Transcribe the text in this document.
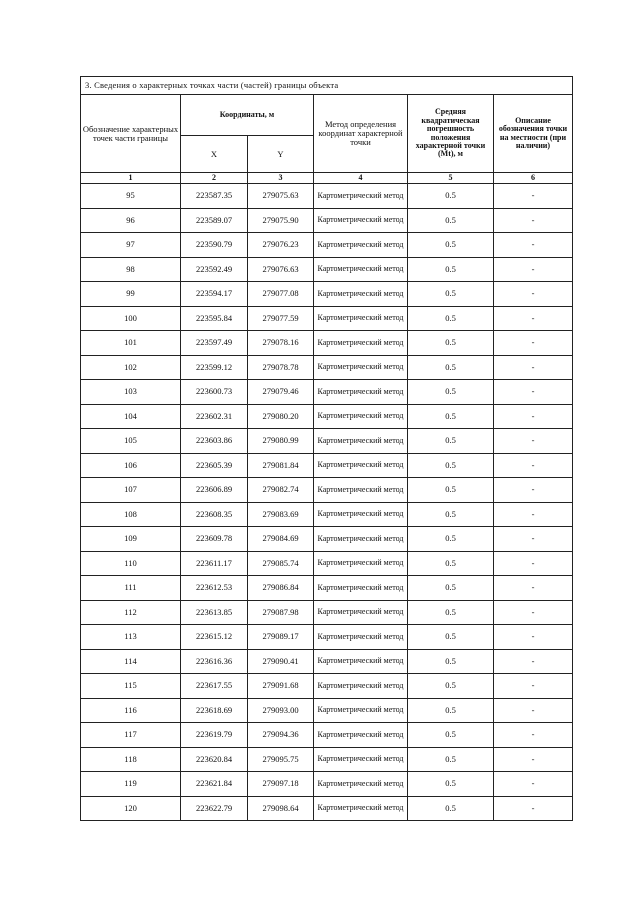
3. Сведения о характерных точках части (частей) границы объекта					
Обозначение характерных точек части границы	Координаты, м		Метод определения координат характерной точки	Средняя квадратическая погрешность положения характерной точки (Mt), м	Описание обозначения точки на местности (при наличии)
	X	Y			
1	2	3	4	5	6
95	223587.35	279075.63	Картометрический метод	0.5	-
96	223589.07	279075.90	Картометрический метод	0.5	-
97	223590.79	279076.23	Картометрический метод	0.5	-
98	223592.49	279076.63	Картометрический метод	0.5	-
99	223594.17	279077.08	Картометрический метод	0.5	-
100	223595.84	279077.59	Картометрический метод	0.5	-
101	223597.49	279078.16	Картометрический метод	0.5	-
102	223599.12	279078.78	Картометрический метод	0.5	-
103	223600.73	279079.46	Картометрический метод	0.5	-
104	223602.31	279080.20	Картометрический метод	0.5	-
105	223603.86	279080.99	Картометрический метод	0.5	-
106	223605.39	279081.84	Картометрический метод	0.5	-
107	223606.89	279082.74	Картометрический метод	0.5	-
108	223608.35	279083.69	Картометрический метод	0.5	-
109	223609.78	279084.69	Картометрический метод	0.5	-
110	223611.17	279085.74	Картометрический метод	0.5	-
111	223612.53	279086.84	Картометрический метод	0.5	-
112	223613.85	279087.98	Картометрический метод	0.5	-
113	223615.12	279089.17	Картометрический метод	0.5	-
114	223616.36	279090.41	Картометрический метод	0.5	-
115	223617.55	279091.68	Картометрический метод	0.5	-
116	223618.69	279093.00	Картометрический метод	0.5	-
117	223619.79	279094.36	Картометрический метод	0.5	-
118	223620.84	279095.75	Картометрический метод	0.5	-
119	223621.84	279097.18	Картометрический метод	0.5	-
120	223622.79	279098.64	Картометрический метод	0.5	-
